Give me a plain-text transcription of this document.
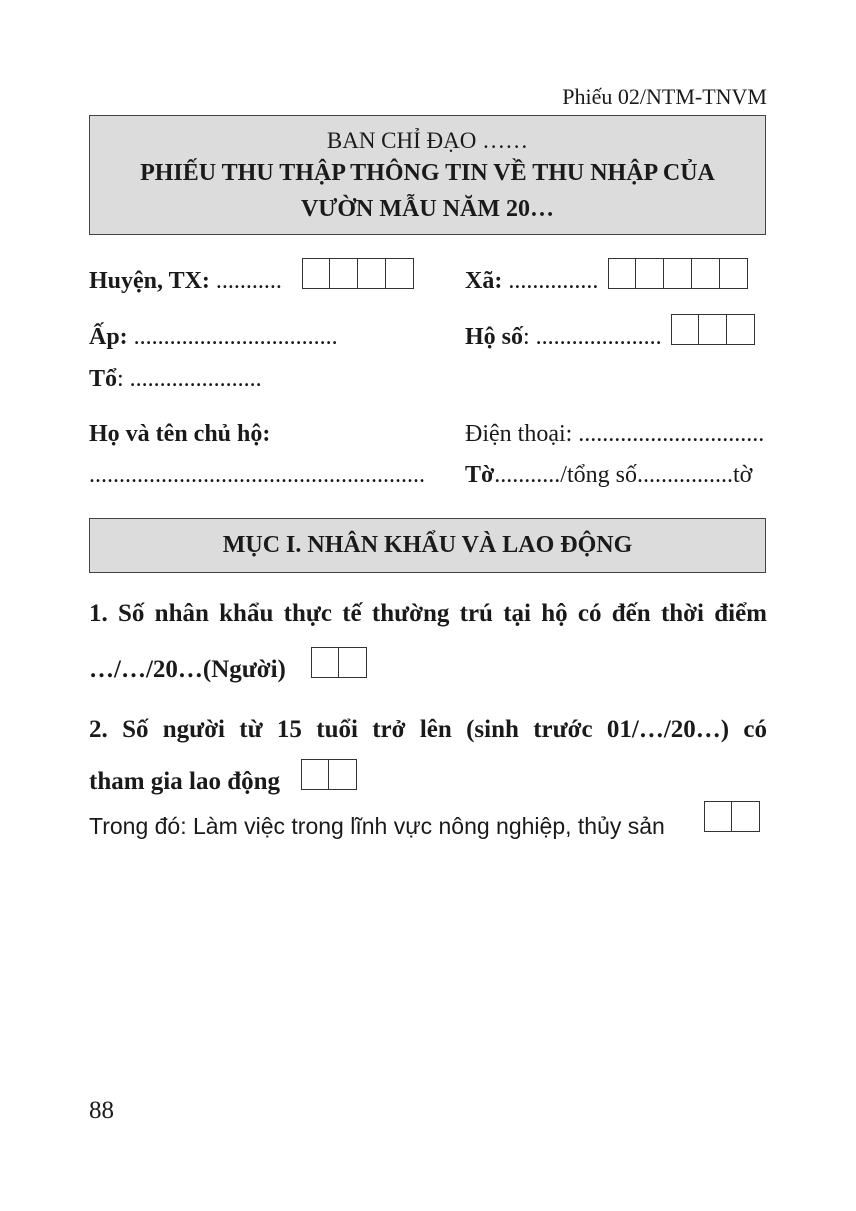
Phiếu 02/NTM-TNVM
BAN CHỈ ĐẠO ……
PHIẾU THU THẬP THÔNG TIN VỀ THU NHẬP CỦA
VƯỜN MẪU NĂM 20…
Huyện, TX: ...........	Xã: ...............
Ấp: ..................................	Hộ số: .....................
Tổ: ......................
Họ và tên chủ hộ:	Điện thoại: ...............................
........................................................ Tờ.........../tổng số................tờ
MỤC I. NHÂN KHẨU VÀ LAO ĐỘNG
1. Số nhân khẩu thực tế thường trú tại hộ có đến thời điểm
…/…/20…(Người)
2. Số người từ 15 tuổi trở lên (sinh trước 01/…/20…) có
tham gia lao động
Trong đó: Làm việc trong lĩnh vực nông nghiệp, thủy sản
88
